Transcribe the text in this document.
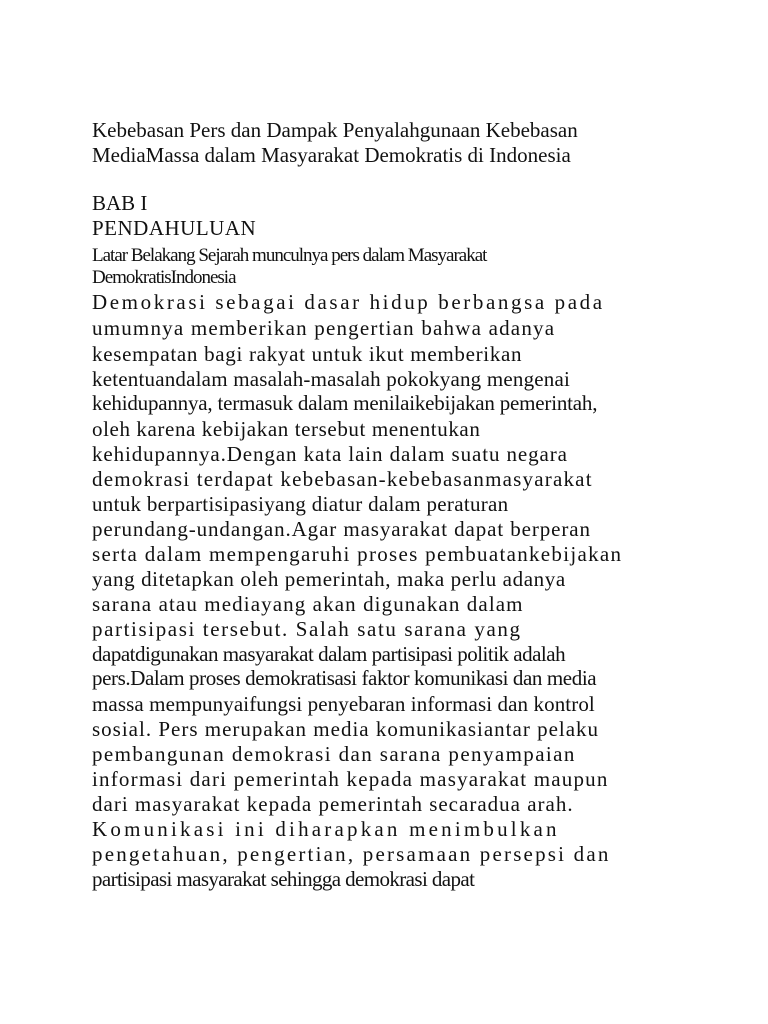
Kebebasan Pers dan Dampak Penyalahgunaan Kebebasan
MediaMassa dalam Masyarakat Demokratis di Indonesia
BAB I
PENDAHULUAN
Latar Belakang Sejarah munculnya pers dalam Masyarakat
DemokratisIndonesia
Demokrasi sebagai dasar hidup berbangsa pada
umumnya memberikan pengertian bahwa adanya
kesempatan bagi rakyat untuk ikut memberikan
ketentuandalam masalah-masalah pokokyang mengenai
kehidupannya, termasuk dalam menilaikebijakan pemerintah,
oleh karena kebijakan tersebut menentukan
kehidupannya.Dengan kata lain dalam suatu negara
demokrasi terdapat kebebasan-kebebasanmasyarakat
untuk berpartisipasiyang diatur dalam peraturan
perundang-undangan.Agar masyarakat dapat berperan
serta dalam mempengaruhi proses pembuatankebijakan
yang ditetapkan oleh pemerintah, maka perlu adanya
sarana atau mediayang akan digunakan dalam
partisipasi tersebut. Salah satu sarana yang
dapatdigunakan masyarakat dalam partisipasi politik adalah
pers.Dalam proses demokratisasi faktor komunikasi dan media
massa mempunyaifungsi penyebaran informasi dan kontrol
sosial. Pers merupakan media komunikasiantar pelaku
pembangunan demokrasi dan sarana penyampaian
informasi dari pemerintah kepada masyarakat maupun
dari masyarakat kepada pemerintah secaradua arah.
Komunikasi ini diharapkan menimbulkan
pengetahuan, pengertian, persamaan persepsi dan
partisipasi masyarakat sehingga demokrasi dapat
